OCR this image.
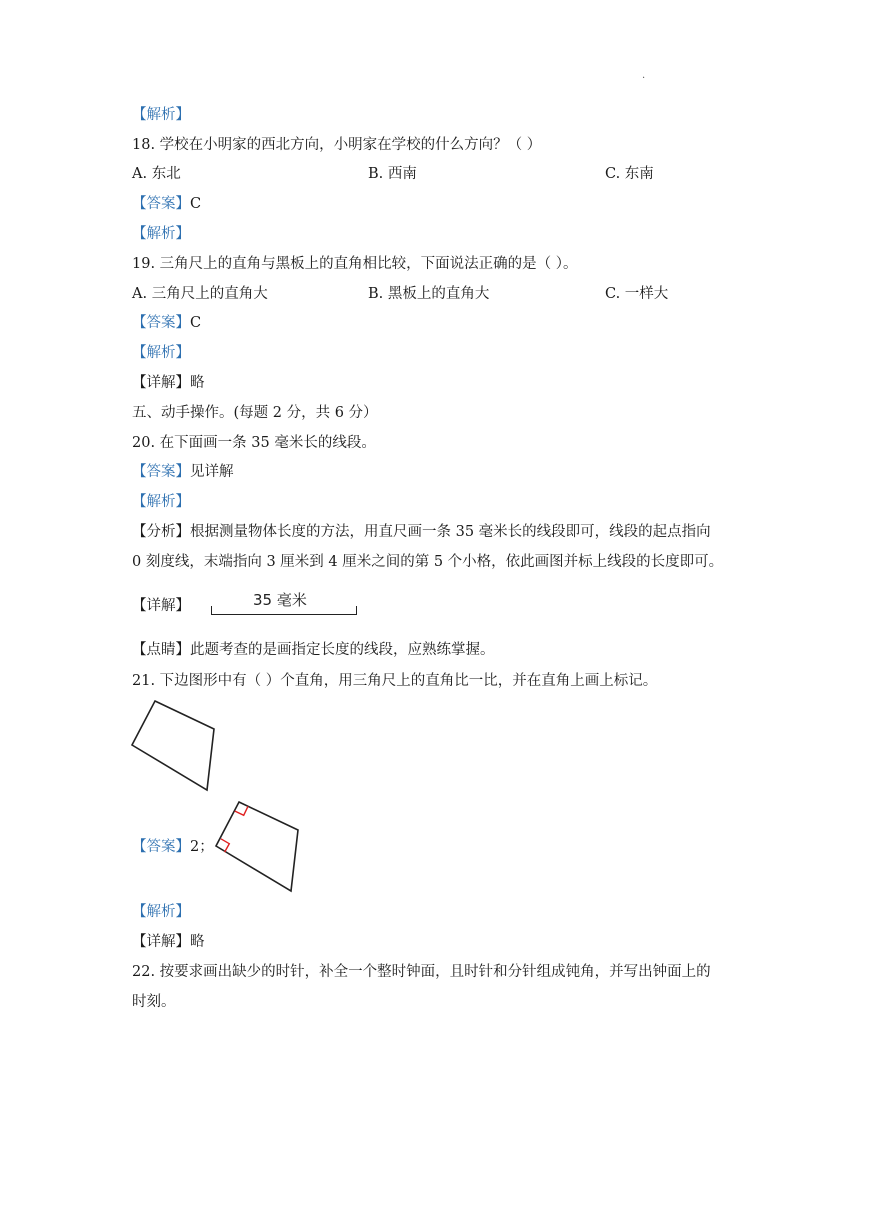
.
【解析】
18. 学校在小明家的西北方向，小明家在学校的什么方向？（ ）
A. 东北	B. 西南	C. 东南
【答案】C
【解析】
19. 三角尺上的直角与黑板上的直角相比较，下面说法正确的是（ ）。
A. 三角尺上的直角大	B. 黑板上的直角大	C. 一样大
【答案】C
【解析】
【详解】略
五、动手操作。(每题 2 分，共 6 分）
20. 在下面画一条 35 毫米长的线段。
【答案】见详解
【解析】
【分析】根据测量物体长度的方法，用直尺画一条 35 毫米长的线段即可，线段的起点指向
0 刻度线，末端指向 3 厘米到 4 厘米之间的第 5 个小格，依此画图并标上线段的长度即可。
【详解】	35 毫米
【点睛】此题考查的是画指定长度的线段，应熟练掌握。
21. 下边图形中有（ ）个直角，用三角尺上的直角比一比，并在直角上画上标记。
【答案】2；
【解析】
【详解】略
22. 按要求画出缺少的时针，补全一个整时钟面，且时针和分针组成钝角，并写出钟面上的
时刻。
